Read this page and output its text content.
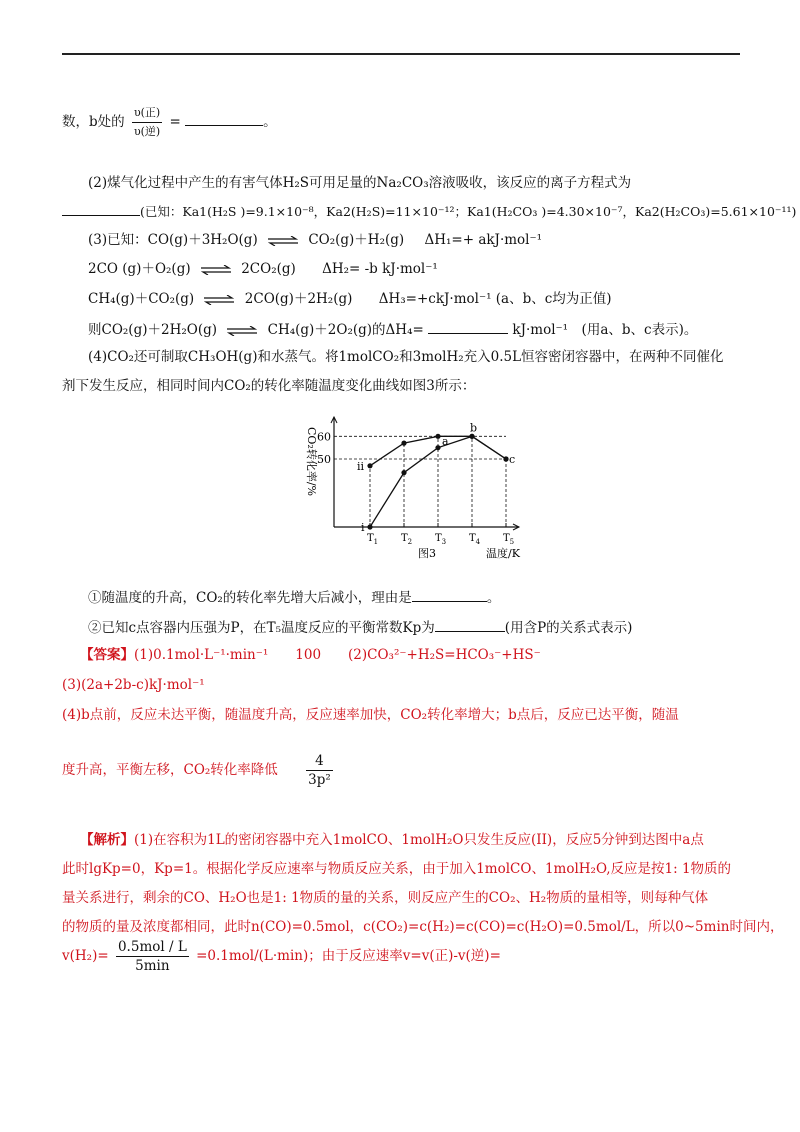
数，b处的 $\frac{\text{υ(正)}}{\text{υ(逆)}}$ =	。
(2)煤气化过程中产生的有害气体H₂S可用足量的Na₂CO₃溶液吸收，该反应的离子方程式为
(已知：Ka1(H₂S )=9.1×10⁻⁸，Ka2(H₂S)=11×10⁻¹²；Ka1(H₂CO₃ )=4.30×10⁻⁷，Ka2(H₂CO₃)=5.61×10⁻¹¹)
(3)已知：CO(g)＋3H₂O(g) ⇌ CO₂(g)＋H₂(g) ΔH₁=+ akJ·mol⁻¹
2CO (g)＋O₂(g) ⇌ 2CO₂(g) ΔH₂= -b kJ·mol⁻¹
CH₄(g)＋CO₂(g) ⇌ 2CO(g)＋2H₂(g) ΔH₃=+ckJ·mol⁻¹ (a、b、c均为正值)
则CO₂(g)＋2H₂O(g) ⇌ CH₄(g)＋2O₂(g)的ΔH₄=	kJ·mol⁻¹　(用a、b、c表示)。
(4)CO₂还可制取CH₃OH(g)和水蒸气。将1molCO₂和3molH₂充入0.5L恒容密闭容器中，在两种不同催化
剂下发生反应，相同时间内CO₂的转化率随温度变化曲线如图3所示：
50
60
$T_1$ $T_2$ $T_3$ $T_4$ $T_5$
i
ii
a
b
c
温度/K
CO₂转化率/%
图3
①随温度的升高，CO₂的转化率先增大后减小，理由是	。
②已知c点容器内压强为P，在T₅温度反应的平衡常数Kp为	(用含P的关系式表示)
【答案】(1)0.1mol·L⁻¹·min⁻¹　　100　　(2)CO₃²⁻+H₂S=HCO₃⁻+HS⁻
(3)(2a+2b-c)kJ·mol⁻¹
(4)b点前，反应未达平衡，随温度升高，反应速率加快，CO₂转化率增大；b点后，反应已达平衡，随温
度升高，平衡左移，CO₂转化率降低 $\frac{4}{\text{3p²}}$
【解析】(1)在容积为1L的密闭容器中充入1molCO、1molH₂O只发生反应(II)，反应5分钟到达图中a点
此时lgKp=0，Kp=1。根据化学反应速率与物质反应关系，由于加入1molCO、1molH₂O,反应是按1: 1物质的
量关系进行，剩余的CO、H₂O也是1: 1物质的量的关系，则反应产生的CO₂、H₂物质的量相等，则每种气体
的物质的量及浓度都相同，此时n(CO)=0.5mol，c(CO₂)=c(H₂)=c(CO)=c(H₂O)=0.5mol/L，所以0~5min时间内，
$v(H_2)= \frac{\text{0.5mol / L}}{5\min} =0.1mol/(L\cdot\min)$；由于反应速率v=v(正)-v(逆)=
